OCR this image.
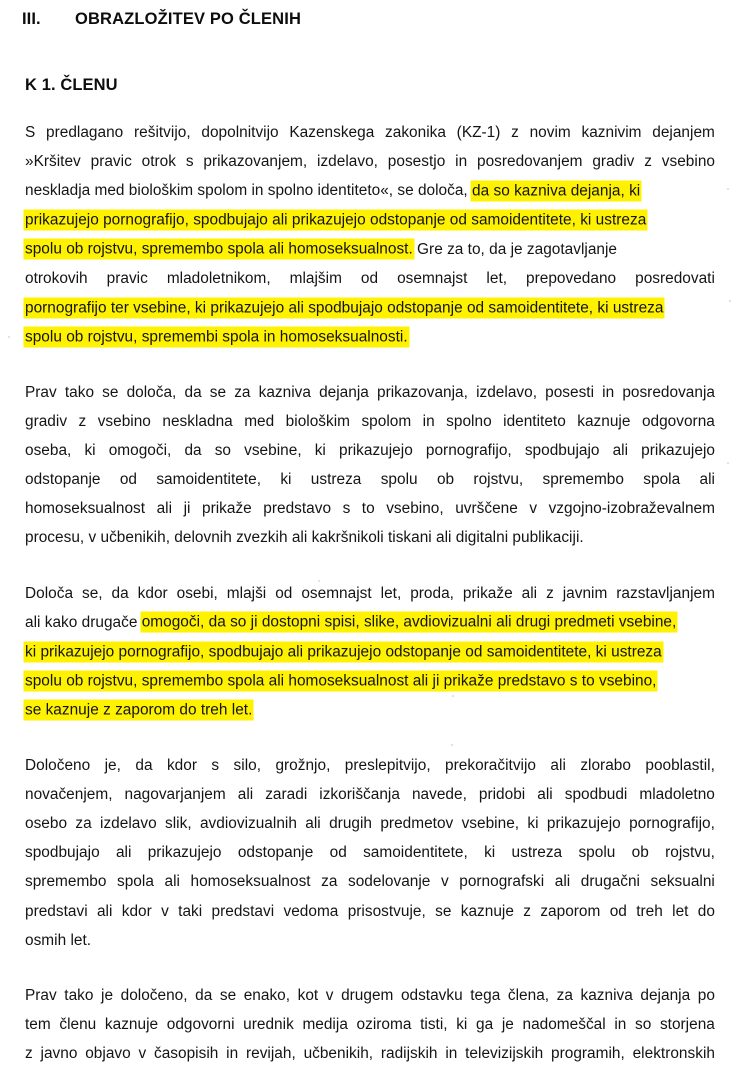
III.	OBRAZLOŽITEV PO ČLENIH
K 1. ČLENU
S predlagano rešitvijo, dopolnitvijo Kazenskega zakonika (KZ-1) z novim kaznivim dejanjem
»Kršitev pravic otrok s prikazovanjem, izdelavo, posestjo in posredovanjem gradiv z vsebino
neskladja med biološkim spolom in spolno identiteto«, se določa, da so kazniva dejanja, ki
prikazujejo pornografijo, spodbujajo ali prikazujejo odstopanje od samoidentitete, ki ustreza
spolu ob rojstvu, spremembo spola ali homoseksualnost. Gre za to, da je zagotavljanje
otrokovih pravic mladoletnikom, mlajšim od osemnajst let, prepovedano posredovati
pornografijo ter vsebine, ki prikazujejo ali spodbujajo odstopanje od samoidentitete, ki ustreza
spolu ob rojstvu, spremembi spola in homoseksualnosti.
Prav tako se določa, da se za kazniva dejanja prikazovanja, izdelavo, posesti in posredovanja
gradiv z vsebino neskladna med biološkim spolom in spolno identiteto kaznuje odgovorna
oseba, ki omogoči, da so vsebine, ki prikazujejo pornografijo, spodbujajo ali prikazujejo
odstopanje od samoidentitete, ki ustreza spolu ob rojstvu, spremembo spola ali
homoseksualnost ali ji prikaže predstavo s to vsebino, uvrščene v vzgojno-izobraževalnem
procesu, v učbenikih, delovnih zvezkih ali kakršnikoli tiskani ali digitalni publikaciji.
Določa se, da kdor osebi, mlajši od osemnajst let, proda, prikaže ali z javnim razstavljanjem
ali kako drugače omogoči, da so ji dostopni spisi, slike, avdiovizualni ali drugi predmeti vsebine,
ki prikazujejo pornografijo, spodbujajo ali prikazujejo odstopanje od samoidentitete, ki ustreza
spolu ob rojstvu, spremembo spola ali homoseksualnost ali ji prikaže predstavo s to vsebino,
se kaznuje z zaporom do treh let.
Določeno je, da kdor s silo, grožnjo, preslepitvijo, prekoračitvijo ali zlorabo pooblastil,
novačenjem, nagovarjanjem ali zaradi izkoriščanja navede, pridobi ali spodbudi mladoletno
osebo za izdelavo slik, avdiovizualnih ali drugih predmetov vsebine, ki prikazujejo pornografijo,
spodbujajo ali prikazujejo odstopanje od samoidentitete, ki ustreza spolu ob rojstvu,
spremembo spola ali homoseksualnost za sodelovanje v pornografski ali drugačni seksualni
predstavi ali kdor v taki predstavi vedoma prisostvuje, se kaznuje z zaporom od treh let do
osmih let.
Prav tako je določeno, da se enako, kot v drugem odstavku tega člena, za kazniva dejanja po
tem členu kaznuje odgovorni urednik medija oziroma tisti, ki ga je nadomeščal in so storjena
z javno objavo v časopisih in revijah, učbenikih, radijskih in televizijskih programih, elektronskih
